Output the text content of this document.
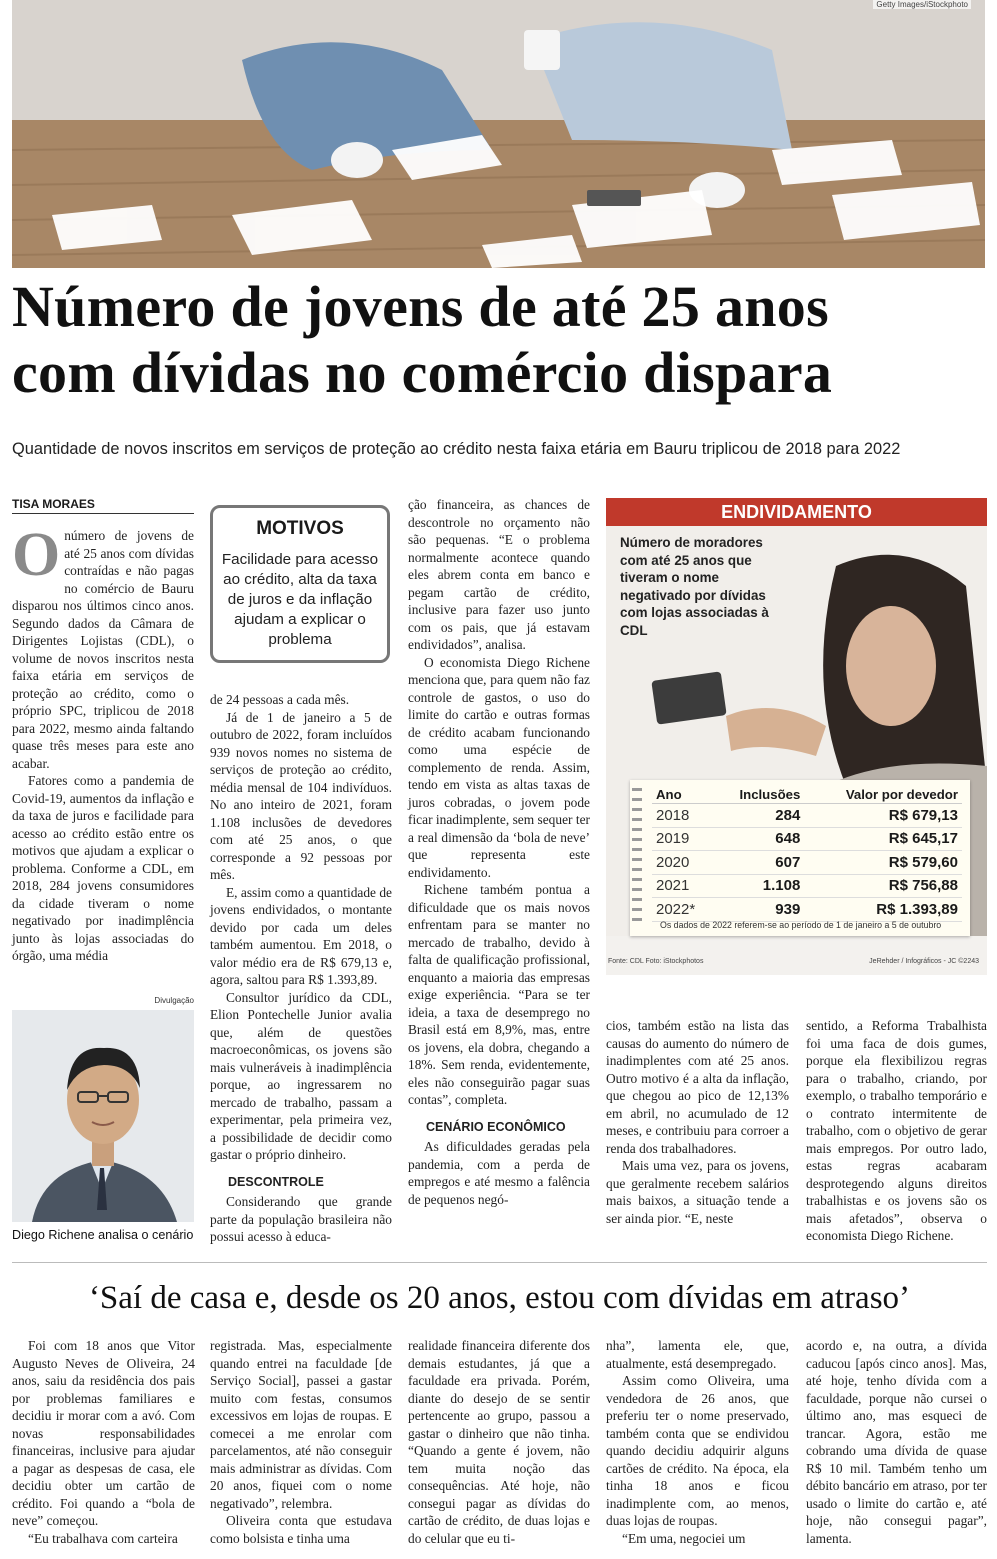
Getty Images/iStockphoto
Número de jovens de até 25 anos
com dívidas no comércio dispara
Quantidade de novos inscritos em serviços de proteção ao crédito nesta faixa etária em Bauru triplicou de 2018 para 2022
TISA MORAES

Onúmero de jovens de até 25 anos com dívidas contraídas e não pagas no comércio de Bauru disparou nos últimos cinco anos. Segundo dados da Câmara de Dirigentes Lojistas (CDL), o volume de novos inscritos nesta faixa etária em serviços de proteção ao crédito, como o próprio SPC, triplicou de 2018 para 2022, mesmo ainda faltando quase três meses para este ano acabar.

Fatores como a pandemia de Covid-19, aumentos da inflação e da taxa de juros e facilidade para acesso ao crédito estão entre os motivos que ajudam a explicar o problema. Conforme a CDL, em 2018, 284 jovens consumidores da cidade tiveram o nome negativado por inadimplência junto às lojas associadas do órgão, uma média

Divulgação
Diego Richene analisa o cenário
MOTIVOS
Facilidade para acesso ao crédito, alta da taxa de juros e da inflação ajudam a explicar o problema

de 24 pessoas a cada mês.

Já de 1 de janeiro a 5 de outubro de 2022, foram incluídos 939 novos nomes no sistema de serviços de proteção ao crédito, média mensal de 104 indivíduos. No ano inteiro de 2021, foram 1.108 inclusões de devedores com até 25 anos, o que corresponde a 92 pessoas por mês.

E, assim como a quantidade de jovens endividados, o montante devido por cada um deles também aumentou. Em 2018, o valor médio era de R$ 679,13 e, agora, saltou para R$ 1.393,89.

Consultor jurídico da CDL, Elion Pontechelle Junior avalia que, além de questões macroeconômicas, os jovens são mais vulneráveis à inadimplência porque, ao ingressarem no mercado de trabalho, passam a experimentar, pela primeira vez, a possibilidade de decidir como gastar o próprio dinheiro.

DESCONTROLE

Considerando que grande parte da população brasileira não possui acesso à educa-

ção financeira, as chances de descontrole no orçamento não são pequenas. “E o problema normalmente acontece quando eles abrem conta em banco e pegam cartão de crédito, inclusive para fazer uso junto com os pais, que já estavam endividados”, analisa.

O economista Diego Richene menciona que, para quem não faz controle de gastos, o uso do limite do cartão e outras formas de crédito acabam funcionando como uma espécie de complemento de renda. Assim, tendo em vista as altas taxas de juros cobradas, o jovem pode ficar inadimplente, sem sequer ter a real dimensão da ‘bola de neve’ que representa este endividamento.

Richene também pontua a dificuldade que os mais novos enfrentam para se manter no mercado de trabalho, devido à falta de qualificação profissional, enquanto a maioria das empresas exige experiência. “Para se ter ideia, a taxa de desemprego no Brasil está em 8,9%, mas, entre os jovens, ela dobra, chegando a 18%. Sem renda, evidentemente, eles não conseguirão pagar suas contas”, completa.

CENÁRIO ECONÔMICO

As dificuldades geradas pela pandemia, com a perda de empregos e até mesmo a falência de pequenos negó-

ENDIVIDAMENTO
Número de moradores com até 25 anos que tiveram o nome negativado por dívidas com lojas associadas à CDL
Ano	Inclusões	Valor por devedor
2018	284	R$ 679,13
2019	648	R$ 645,17
2020	607	R$ 579,60
2021	1.108	R$ 756,88
2022*	939	R$ 1.393,89
Os dados de 2022 referem-se ao período de 1 de janeiro a 5 de outubro
Fonte: CDL Foto: iStockphotos	JeRehder / Infográficos - JC ©2243

cios, também estão na lista das causas do aumento do número de inadimplentes com até 25 anos. Outro motivo é a alta da inflação, que chegou ao pico de 12,13% em abril, no acumulado de 12 meses, e contribuiu para corroer a renda dos trabalhadores.

Mais uma vez, para os jovens, que geralmente recebem salários mais baixos, a situação tende a ser ainda pior. “E, neste

sentido, a Reforma Trabalhista foi uma faca de dois gumes, porque ela flexibilizou regras para o trabalho, criando, por exemplo, o trabalho temporário e o contrato intermitente de trabalho, com o objetivo de gerar mais empregos. Por outro lado, estas regras acabaram desprotegendo alguns direitos trabalhistas e os jovens são os mais afetados”, observa o economista Diego Richene.

‘Saí de casa e, desde os 20 anos, estou com dívidas em atraso’

Foi com 18 anos que Vitor Augusto Neves de Oliveira, 24 anos, saiu da residência dos pais por problemas familiares e decidiu ir morar com a avó. Com novas responsabilidades financeiras, inclusive para ajudar a pagar as despesas de casa, ele decidiu obter um cartão de crédito. Foi quando a “bola de neve” começou.

“Eu trabalhava com carteira

registrada. Mas, especialmente quando entrei na faculdade [de Serviço Social], passei a gastar muito com festas, consumos excessivos em lojas de roupas. E comecei a me enrolar com parcelamentos, até não conseguir mais administrar as dívidas. Com 20 anos, fiquei com o nome negativado”, relembra.

Oliveira conta que estudava como bolsista e tinha uma

realidade financeira diferente dos demais estudantes, já que a faculdade era privada. Porém, diante do desejo de se sentir pertencente ao grupo, passou a gastar o dinheiro que não tinha. “Quando a gente é jovem, não tem muita noção das consequências. Até hoje, não consegui pagar as dívidas do cartão de crédito, de duas lojas e do celular que eu ti-

nha”, lamenta ele, que, atualmente, está desempregado.

Assim como Oliveira, uma vendedora de 26 anos, que preferiu ter o nome preservado, também conta que se endividou quando decidiu adquirir alguns cartões de crédito. Na época, ela tinha 18 anos e ficou inadimplente com, ao menos, duas lojas de roupas.

“Em uma, negociei um

acordo e, na outra, a dívida caducou [após cinco anos]. Mas, até hoje, tenho dívida com a faculdade, porque não cursei o último ano, mas esqueci de trancar. Agora, estão me cobrando uma dívida de quase R$ 10 mil. Também tenho um débito bancário em atraso, por ter usado o limite do cartão e, até hoje, não consegui pagar”, lamenta.
